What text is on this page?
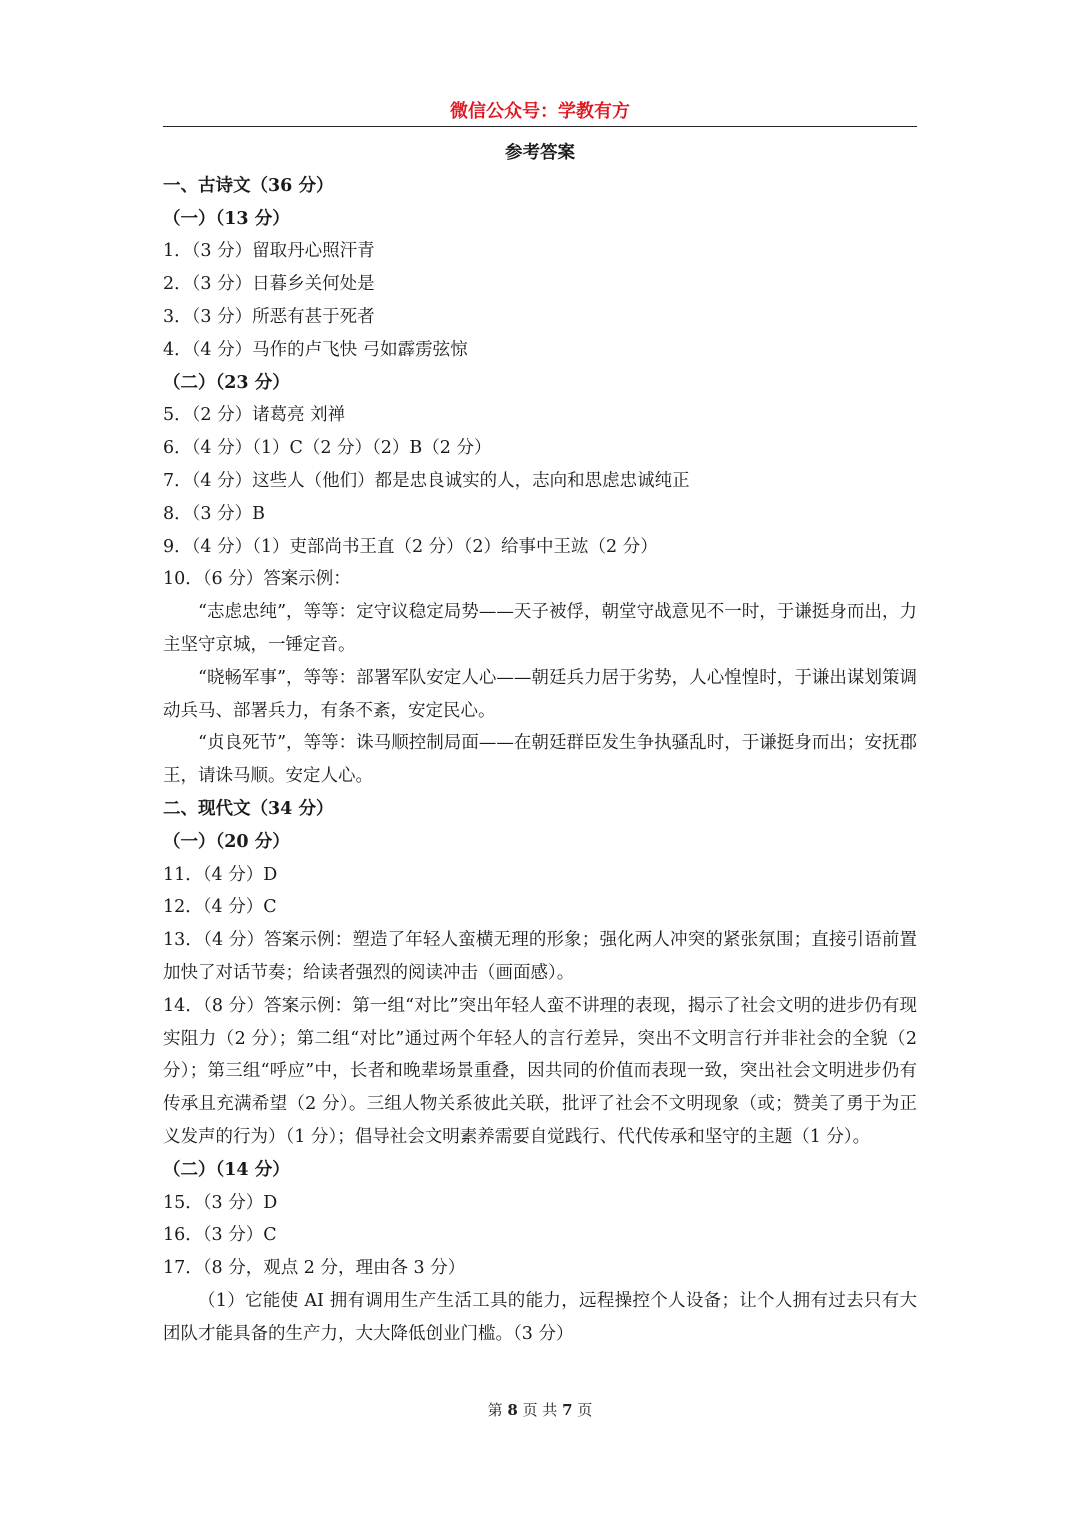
微信公众号：学教有方
参考答案
一、古诗文（36 分）
（一）（13 分）
1．（3 分）留取丹心照汗青
2．（3 分）日暮乡关何处是
3．（3 分）所恶有甚于死者
4．（4 分）马作的卢飞快 弓如霹雳弦惊
（二）（23 分）
5．（2 分）诸葛亮 刘禅
6．（4 分）（1）C（2 分）（2）B（2 分）
7．（4 分）这些人（他们）都是忠良诚实的人，志向和思虑忠诚纯正
8．（3 分）B
9．（4 分）（1）吏部尚书王直（2 分）（2）给事中王竑（2 分）
10．（6 分）答案示例：
“志虑忠纯”，等等：定守议稳定局势——天子被俘，朝堂守战意见不一时，于谦挺身而出，力主坚守京城，一锤定音。
“晓畅军事”，等等：部署军队安定人心——朝廷兵力居于劣势，人心惶惶时，于谦出谋划策调动兵马、部署兵力，有条不紊，安定民心。
“贞良死节”，等等：诛马顺控制局面——在朝廷群臣发生争执骚乱时，于谦挺身而出；安抚郡王，请诛马顺。安定人心。
二、现代文（34 分）
（一）（20 分）
11．（4 分）D
12．（4 分）C
13．（4 分）答案示例：塑造了年轻人蛮横无理的形象；强化两人冲突的紧张氛围；直接引语前置加快了对话节奏；给读者强烈的阅读冲击（画面感）。
14．（8 分）答案示例：第一组“对比”突出年轻人蛮不讲理的表现，揭示了社会文明的进步仍有现实阻力（2 分）；第二组“对比”通过两个年轻人的言行差异，突出不文明言行并非社会的全貌（2 分）；第三组“呼应”中，长者和晚辈场景重叠，因共同的价值而表现一致，突出社会文明进步仍有传承且充满希望（2 分）。三组人物关系彼此关联，批评了社会不文明现象（或；赞美了勇于为正义发声的行为）（1 分）；倡导社会文明素养需要自觉践行、代代传承和坚守的主题（1 分）。
（二）（14 分）
15．（3 分）D
16．（3 分）C
17．（8 分，观点 2 分，理由各 3 分）
（1）它能使 AI 拥有调用生产生活工具的能力，远程操控个人设备；让个人拥有过去只有大团队才能具备的生产力，大大降低创业门槛。（3 分）
第 8 页 共 7 页
